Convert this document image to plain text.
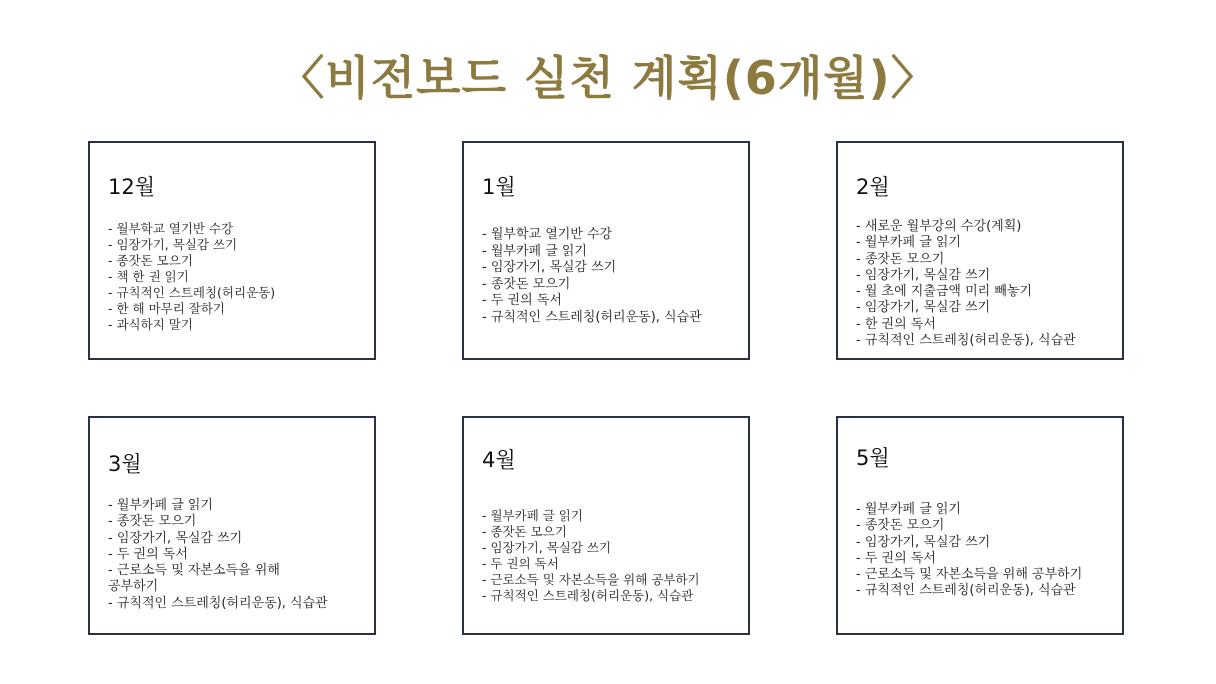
〈비전보드 실천 계획(6개월)〉
12월
- 월부학교 열기반 수강
- 임장가기, 목실감 쓰기
- 종잣돈 모으기
- 책 한 권 읽기
- 규칙적인 스트레칭(허리운동)
- 한 해 마무리 잘하기
- 과식하지 말기
1월
- 월부학교 열기반 수강
- 월부카페 글 읽기
- 임장가기, 목실감 쓰기
- 종잣돈 모으기
- 두 권의 독서
- 규칙적인 스트레칭(허리운동), 식습관
2월
- 새로운 월부강의 수강(계획)
- 월부카페 글 읽기
- 종잣돈 모으기
- 임장가기, 목실감 쓰기
- 월 초에 지출금액 미리 빼놓기
- 임장가기, 목실감 쓰기
- 한 권의 독서
- 규칙적인 스트레칭(허리운동), 식습관
3월
- 월부카페 글 읽기
- 종잣돈 모으기
- 임장가기, 목실감 쓰기
- 두 권의 독서
- 근로소득 및 자본소득을 위해
공부하기
- 규칙적인 스트레칭(허리운동), 식습관
4월
- 월부카페 글 읽기
- 종잣돈 모으기
- 임장가기, 목실감 쓰기
- 두 권의 독서
- 근로소득 및 자본소득을 위해 공부하기
- 규칙적인 스트레칭(허리운동), 식습관
5월
- 월부카페 글 읽기
- 종잣돈 모으기
- 임장가기, 목실감 쓰기
- 두 권의 독서
- 근로소득 및 자본소득을 위해 공부하기
- 규칙적인 스트레칭(허리운동), 식습관
